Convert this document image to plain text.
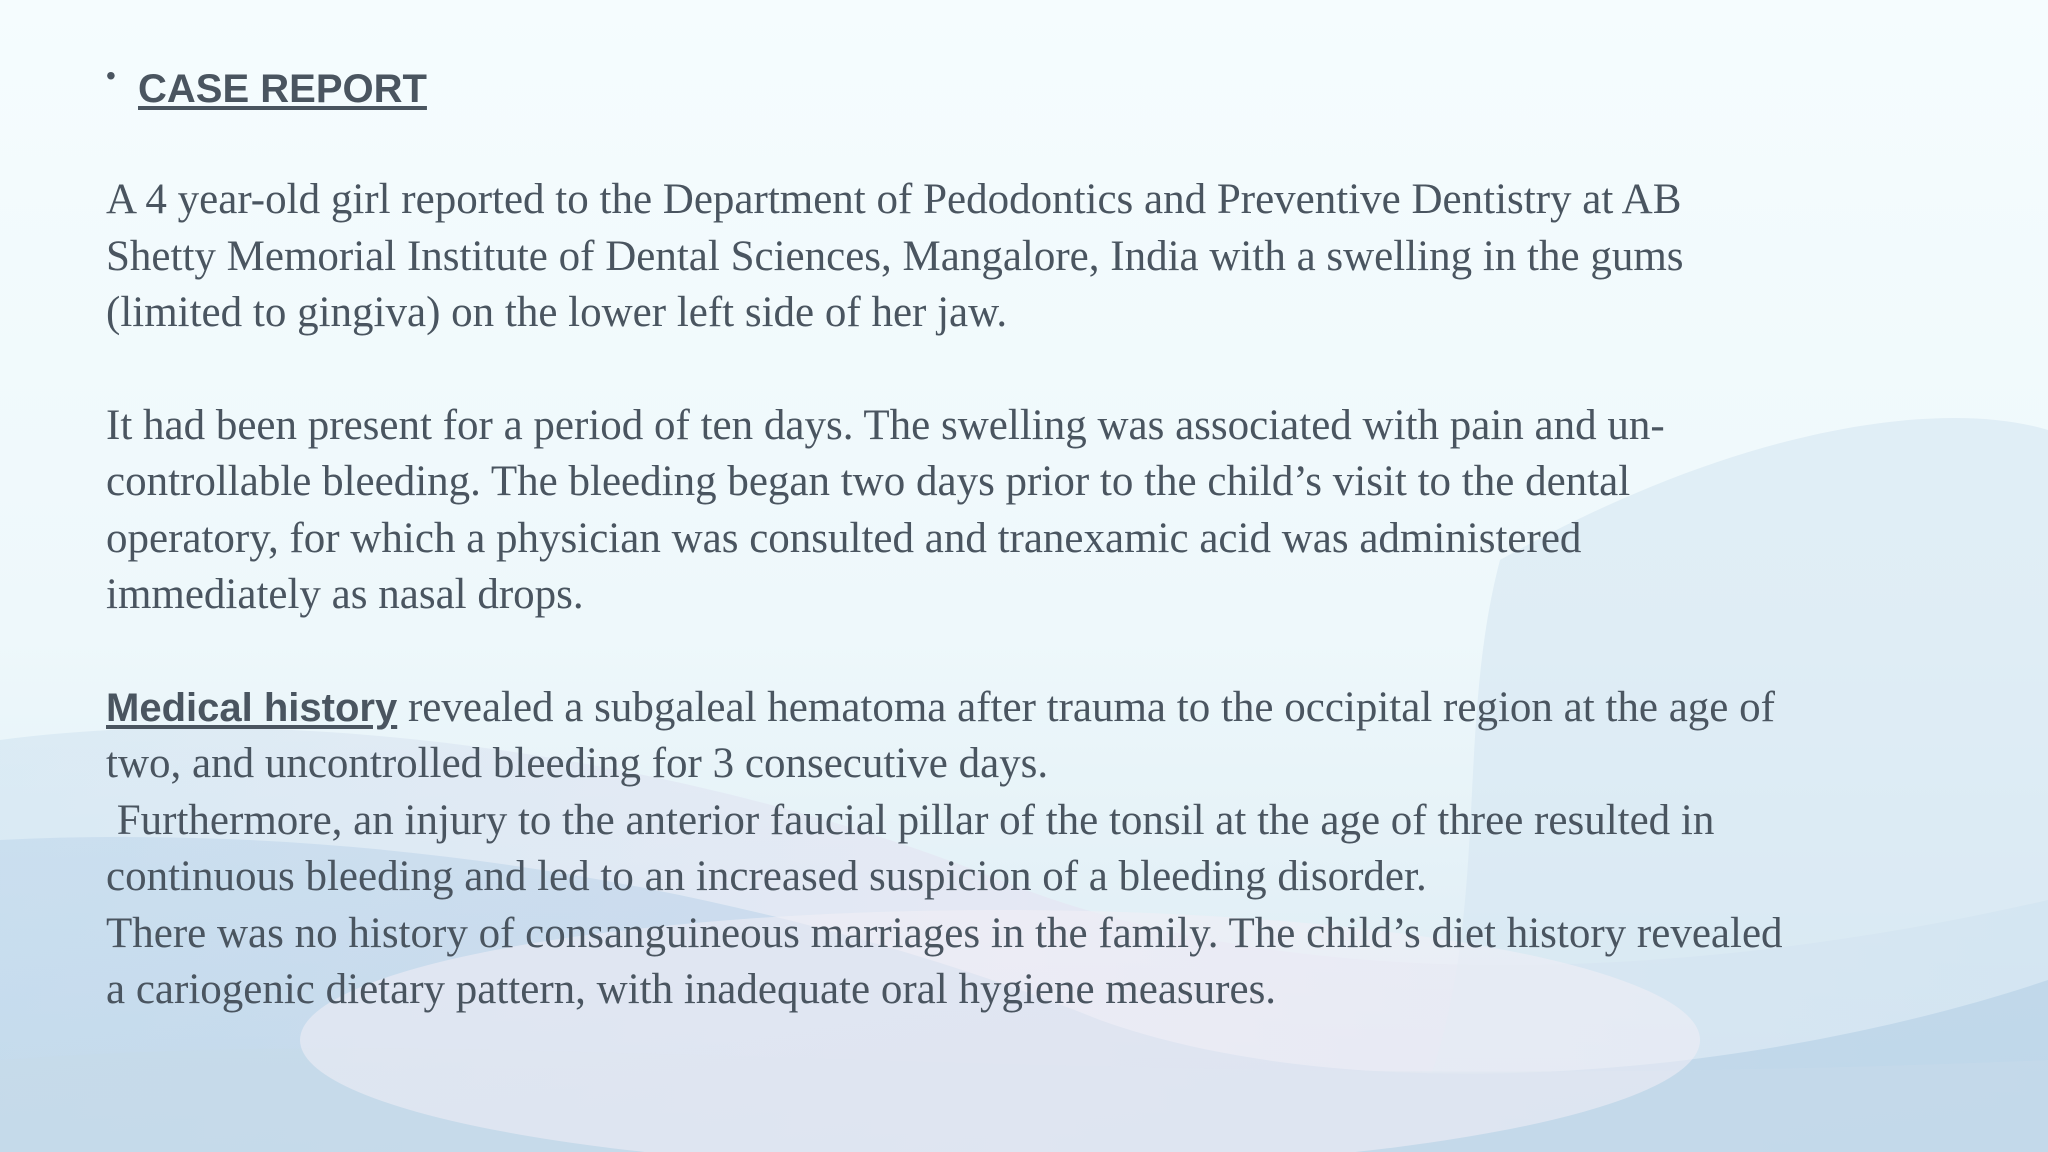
• CASE REPORT

A 4 year-old girl reported to the Department of Pedodontics and Preventive Dentistry at AB
Shetty Memorial Institute of Dental Sciences, Mangalore, India with a swelling in the gums
(limited to gingiva) on the lower left side of her jaw.

It had been present for a period of ten days. The swelling was associated with pain and un-
controllable bleeding. The bleeding began two days prior to the child’s visit to the dental
operatory, for which a physician was consulted and tranexamic acid was administered
immediately as nasal drops.

Medical history revealed a subgaleal hematoma after trauma to the occipital region at the age of
two, and uncontrolled bleeding for 3 consecutive days.
Furthermore, an injury to the anterior faucial pillar of the tonsil at the age of three resulted in
continuous bleeding and led to an increased suspicion of a bleeding disorder.
There was no history of consanguineous marriages in the family. The child’s diet history revealed
a cariogenic dietary pattern, with inadequate oral hygiene measures.
